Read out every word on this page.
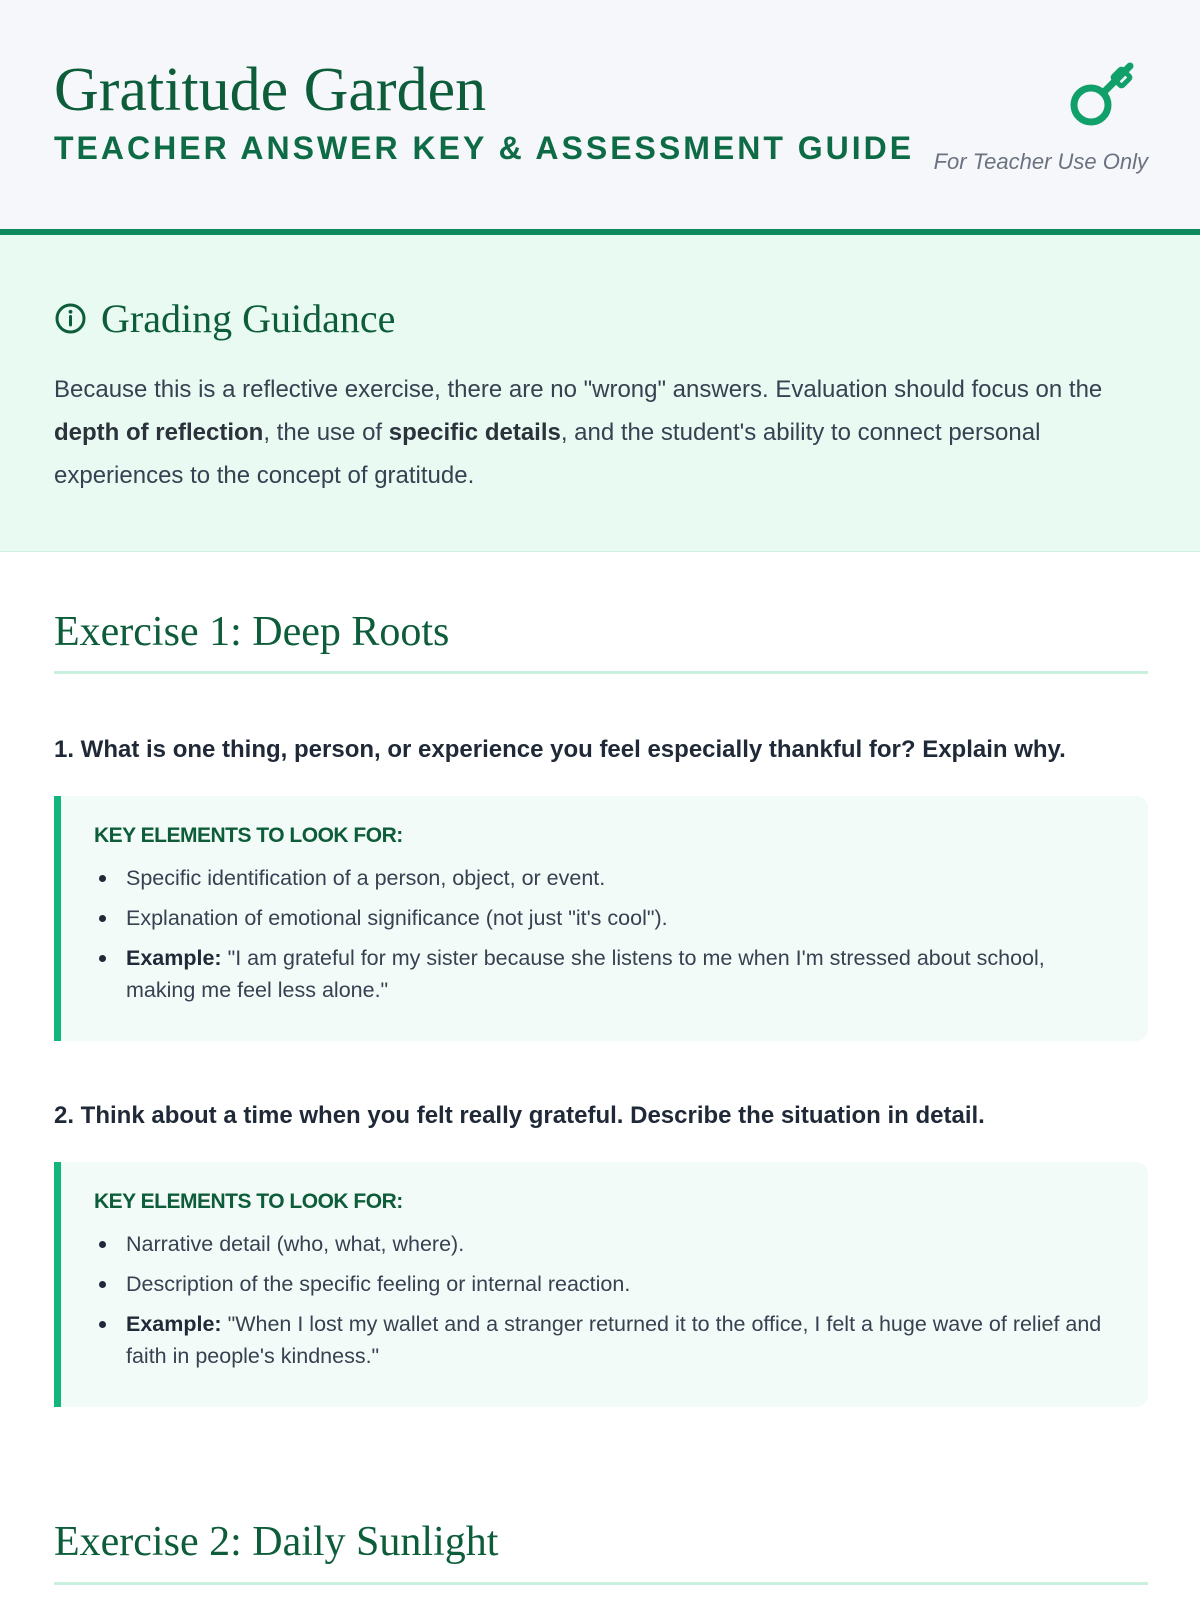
Gratitude Garden
TEACHER ANSWER KEY & ASSESSMENT GUIDE For Teacher Use Only
Grading Guidance

Because this is a reflective exercise, there are no "wrong" answers. Evaluation should focus on the depth of reflection, the use of specific details, and the student's ability to connect personal experiences to the concept of gratitude.

Exercise 1: Deep Roots
1. What is one thing, person, or experience you feel especially thankful for? Explain why.
KEY ELEMENTS TO LOOK FOR:
Specific identification of a person, object, or event.
Explanation of emotional significance (not just "it's cool").
Example: "I am grateful for my sister because she listens to me when I'm stressed about school, making me feel less alone."
2. Think about a time when you felt really grateful. Describe the situation in detail.
KEY ELEMENTS TO LOOK FOR:
Narrative detail (who, what, where).
Description of the specific feeling or internal reaction.
Example: "When I lost my wallet and a stranger returned it to the office, I felt a huge wave of relief and faith in people's kindness."
Exercise 2: Daily Sunlight
